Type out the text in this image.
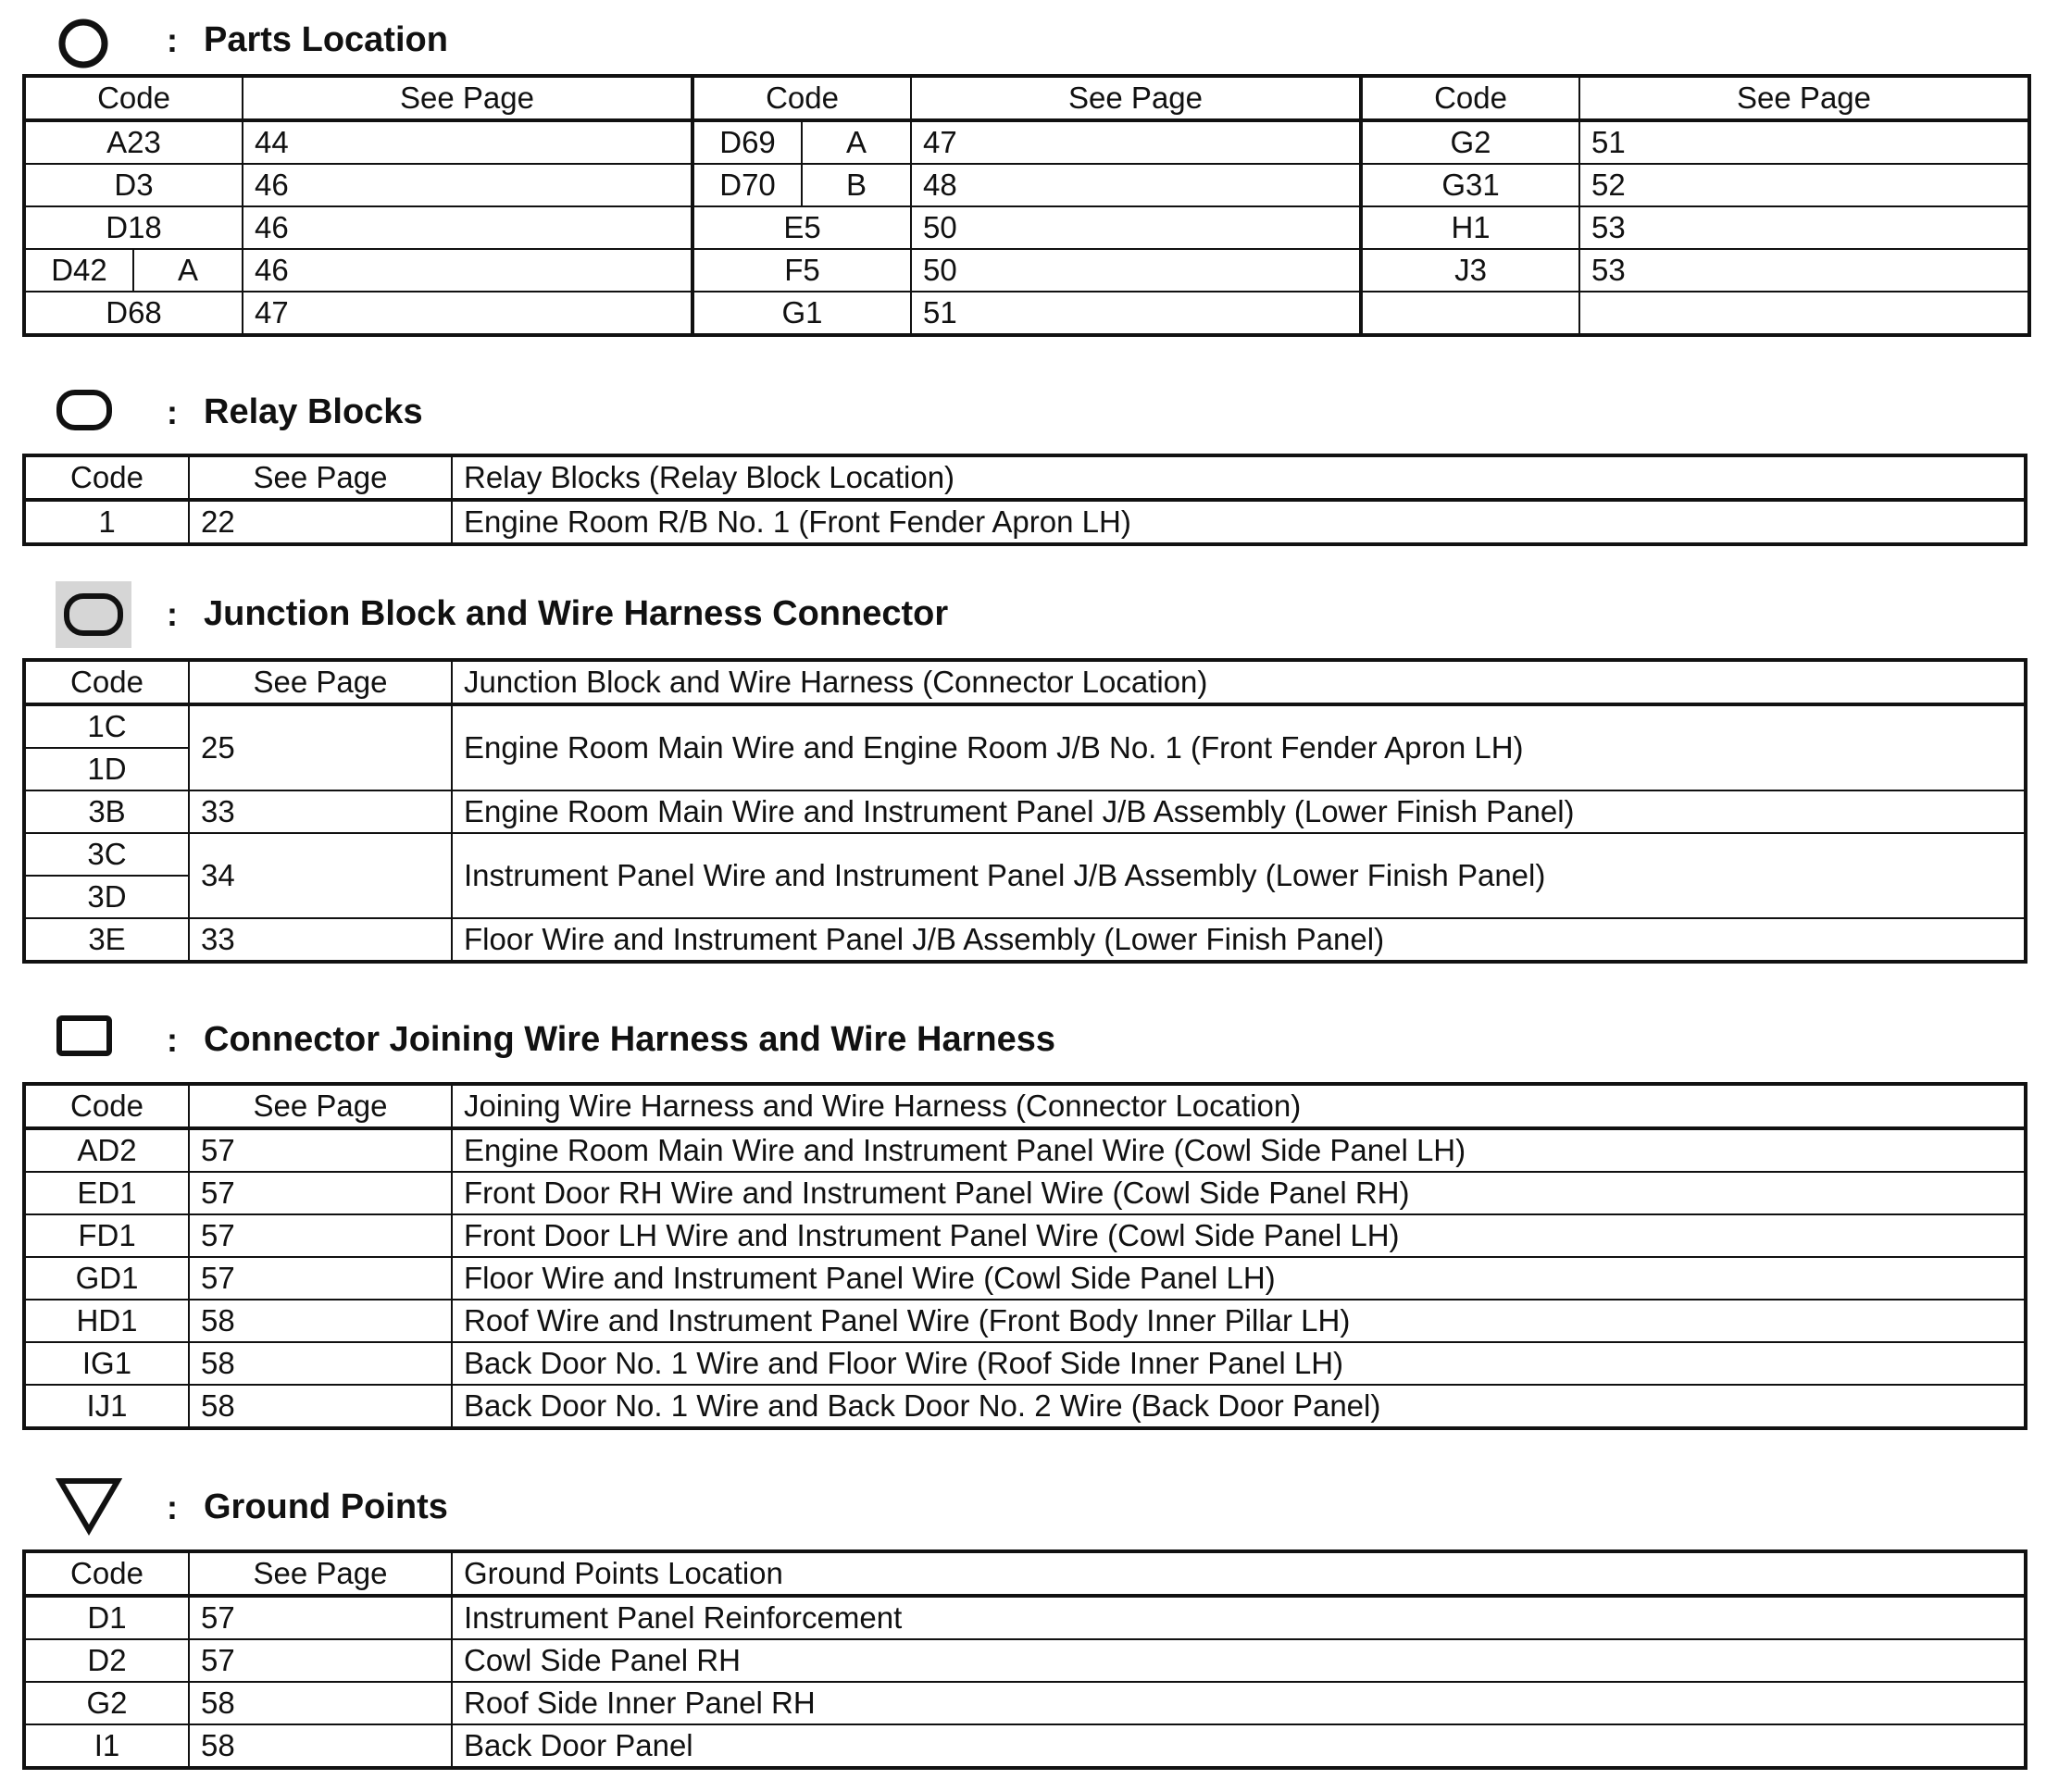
: Parts Location
Code		See Page	Code		See Page	Code	See Page
A23		44	D69	A	47	G2	51
D3		46	D70	B	48	G31	52
D18		46	E5		50	H1	53
D42	A	46	F5		50	J3	53
D68		47	G1		51		
: Relay Blocks
Code	See Page	Relay Blocks (Relay Block Location)
1	22	Engine Room R/B No. 1 (Front Fender Apron LH)
: Junction Block and Wire Harness Connector
Code	See Page	Junction Block and Wire Harness (Connector Location)
1C	25	Engine Room Main Wire and Engine Room J/B No. 1 (Front Fender Apron LH)
1D		
3B	33	Engine Room Main Wire and Instrument Panel J/B Assembly (Lower Finish Panel)
3C	34	Instrument Panel Wire and Instrument Panel J/B Assembly (Lower Finish Panel)
3D		
3E	33	Floor Wire and Instrument Panel J/B Assembly (Lower Finish Panel)
: Connector Joining Wire Harness and Wire Harness
Code	See Page	Joining Wire Harness and Wire Harness (Connector Location)
AD2	57	Engine Room Main Wire and Instrument Panel Wire (Cowl Side Panel LH)
ED1	57	Front Door RH Wire and Instrument Panel Wire (Cowl Side Panel RH)
FD1	57	Front Door LH Wire and Instrument Panel Wire (Cowl Side Panel LH)
GD1	57	Floor Wire and Instrument Panel Wire (Cowl Side Panel LH)
HD1	58	Roof Wire and Instrument Panel Wire (Front Body Inner Pillar LH)
IG1	58	Back Door No. 1 Wire and Floor Wire (Roof Side Inner Panel LH)
IJ1	58	Back Door No. 1 Wire and Back Door No. 2 Wire (Back Door Panel)
: Ground Points
Code	See Page	Ground Points Location
D1	57	Instrument Panel Reinforcement
D2	57	Cowl Side Panel RH
G2	58	Roof Side Inner Panel RH
I1	58	Back Door Panel
